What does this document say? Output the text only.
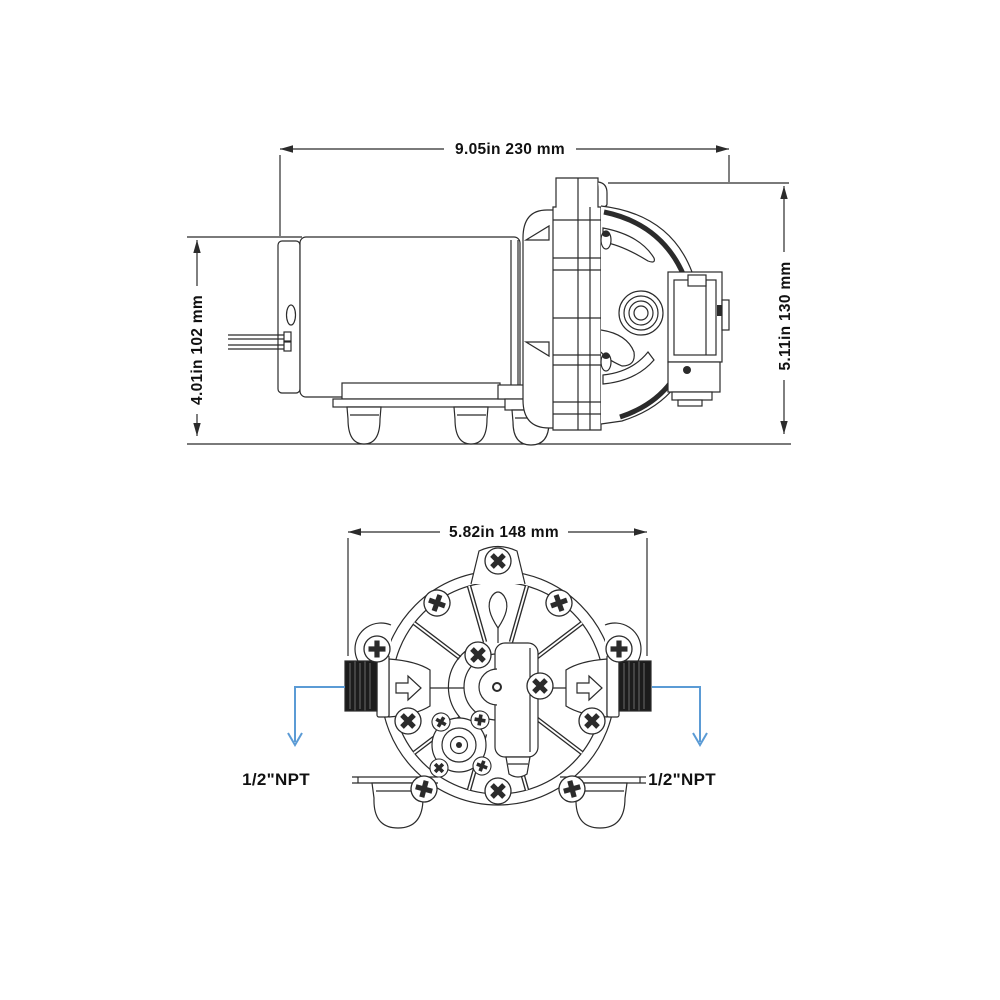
9.05in 230 mm
4.01in 102 mm	5.11in 130 mm
5.82in 148 mm
1/2"NPT	1/2"NPT
